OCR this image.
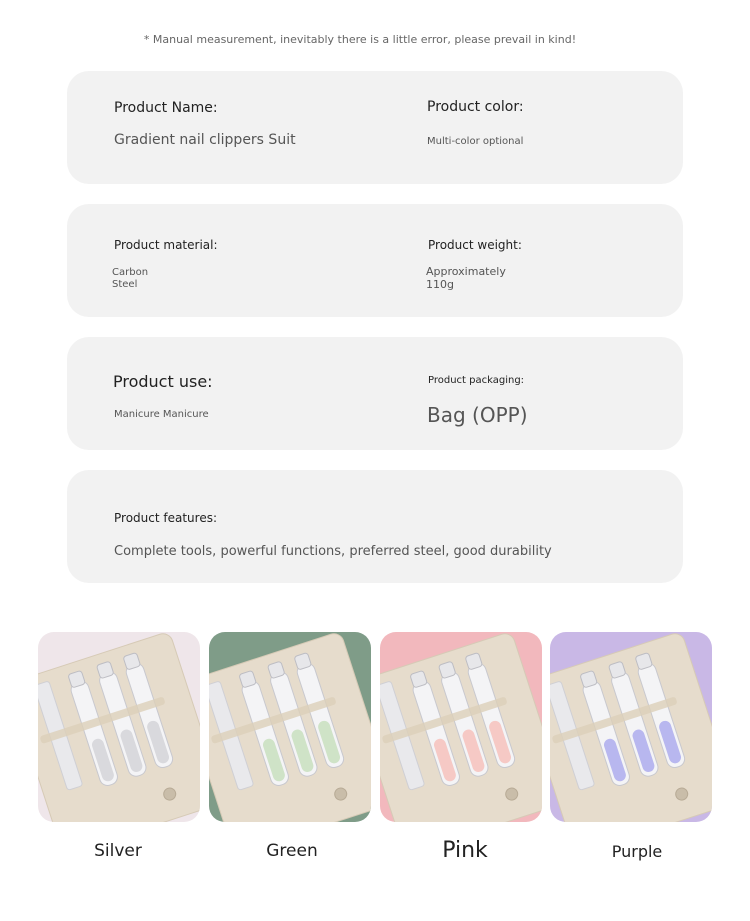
* Manual measurement, inevitably there is a little error, please prevail in kind!
Product Name:
Gradient nail clippers Suit
Product color:
Multi-color optional
Product material:
Carbon Steel
Product weight:
Approximately 110g
Product use:
Manicure Manicure
Product packaging:
Bag (OPP)
Product features:
Complete tools, powerful functions, preferred steel, good durability
Silver	Green	Pink	Purple
